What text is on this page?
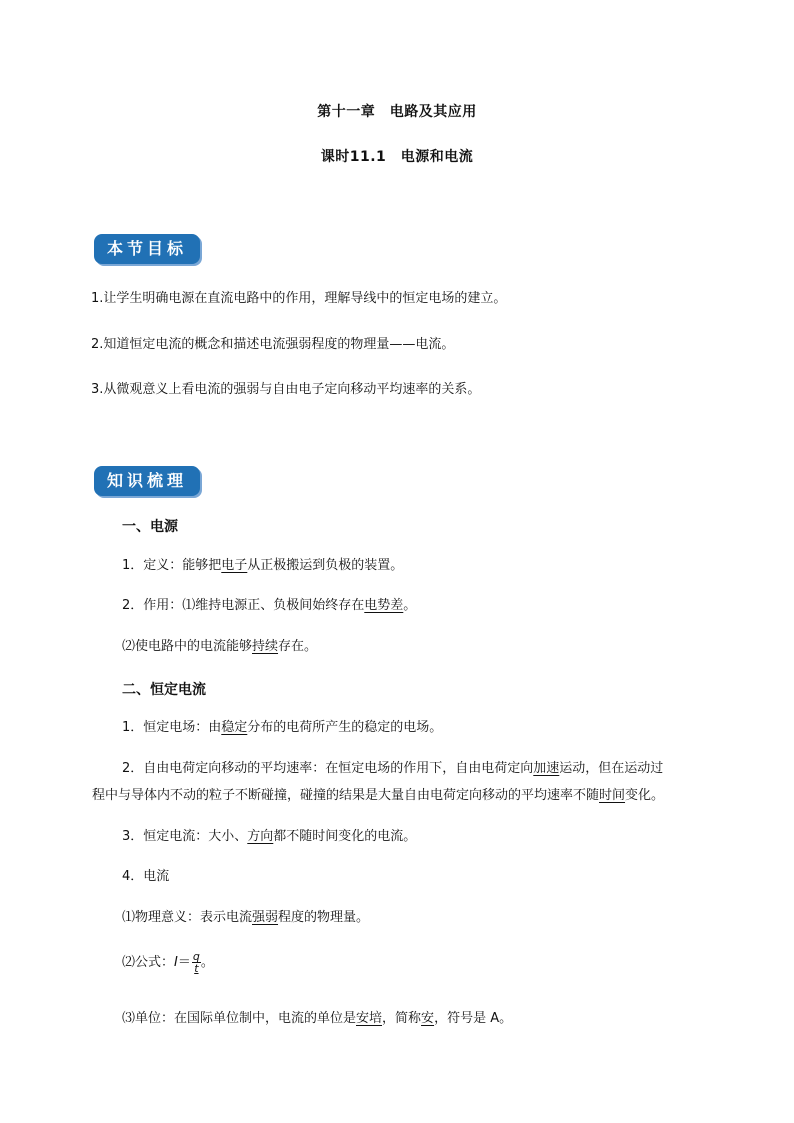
第十一章　电路及其应用
课时11.1　电源和电流
本节目标
1.让学生明确电源在直流电路中的作用，理解导线中的恒定电场的建立。
2.知道恒定电流的概念和描述电流强弱程度的物理量——电流。
3.从微观意义上看电流的强弱与自由电子定向移动平均速率的关系。
知识梳理
一、电源
1．定义：能够把电子从正极搬运到负极的装置。
2．作用：⑴维持电源正、负极间始终存在电势差。
⑵使电路中的电流能够持续存在。
二、恒定电流
1．恒定电场：由稳定分布的电荷所产生的稳定的电场。
2．自由电荷定向移动的平均速率：在恒定电场的作用下，自由电荷定向加速运动，但在运动过
程中与导体内不动的粒子不断碰撞，碰撞的结果是大量自由电荷定向移动的平均速率不随时间变化。
3．恒定电流：大小、方向都不随时间变化的电流。
4．电流
⑴物理意义：表示电流强弱程度的物理量。
⑵公式：$I= \frac{q}{t}$ 。
⑶单位：在国际单位制中，电流的单位是安培，简称安，符号是 A。
